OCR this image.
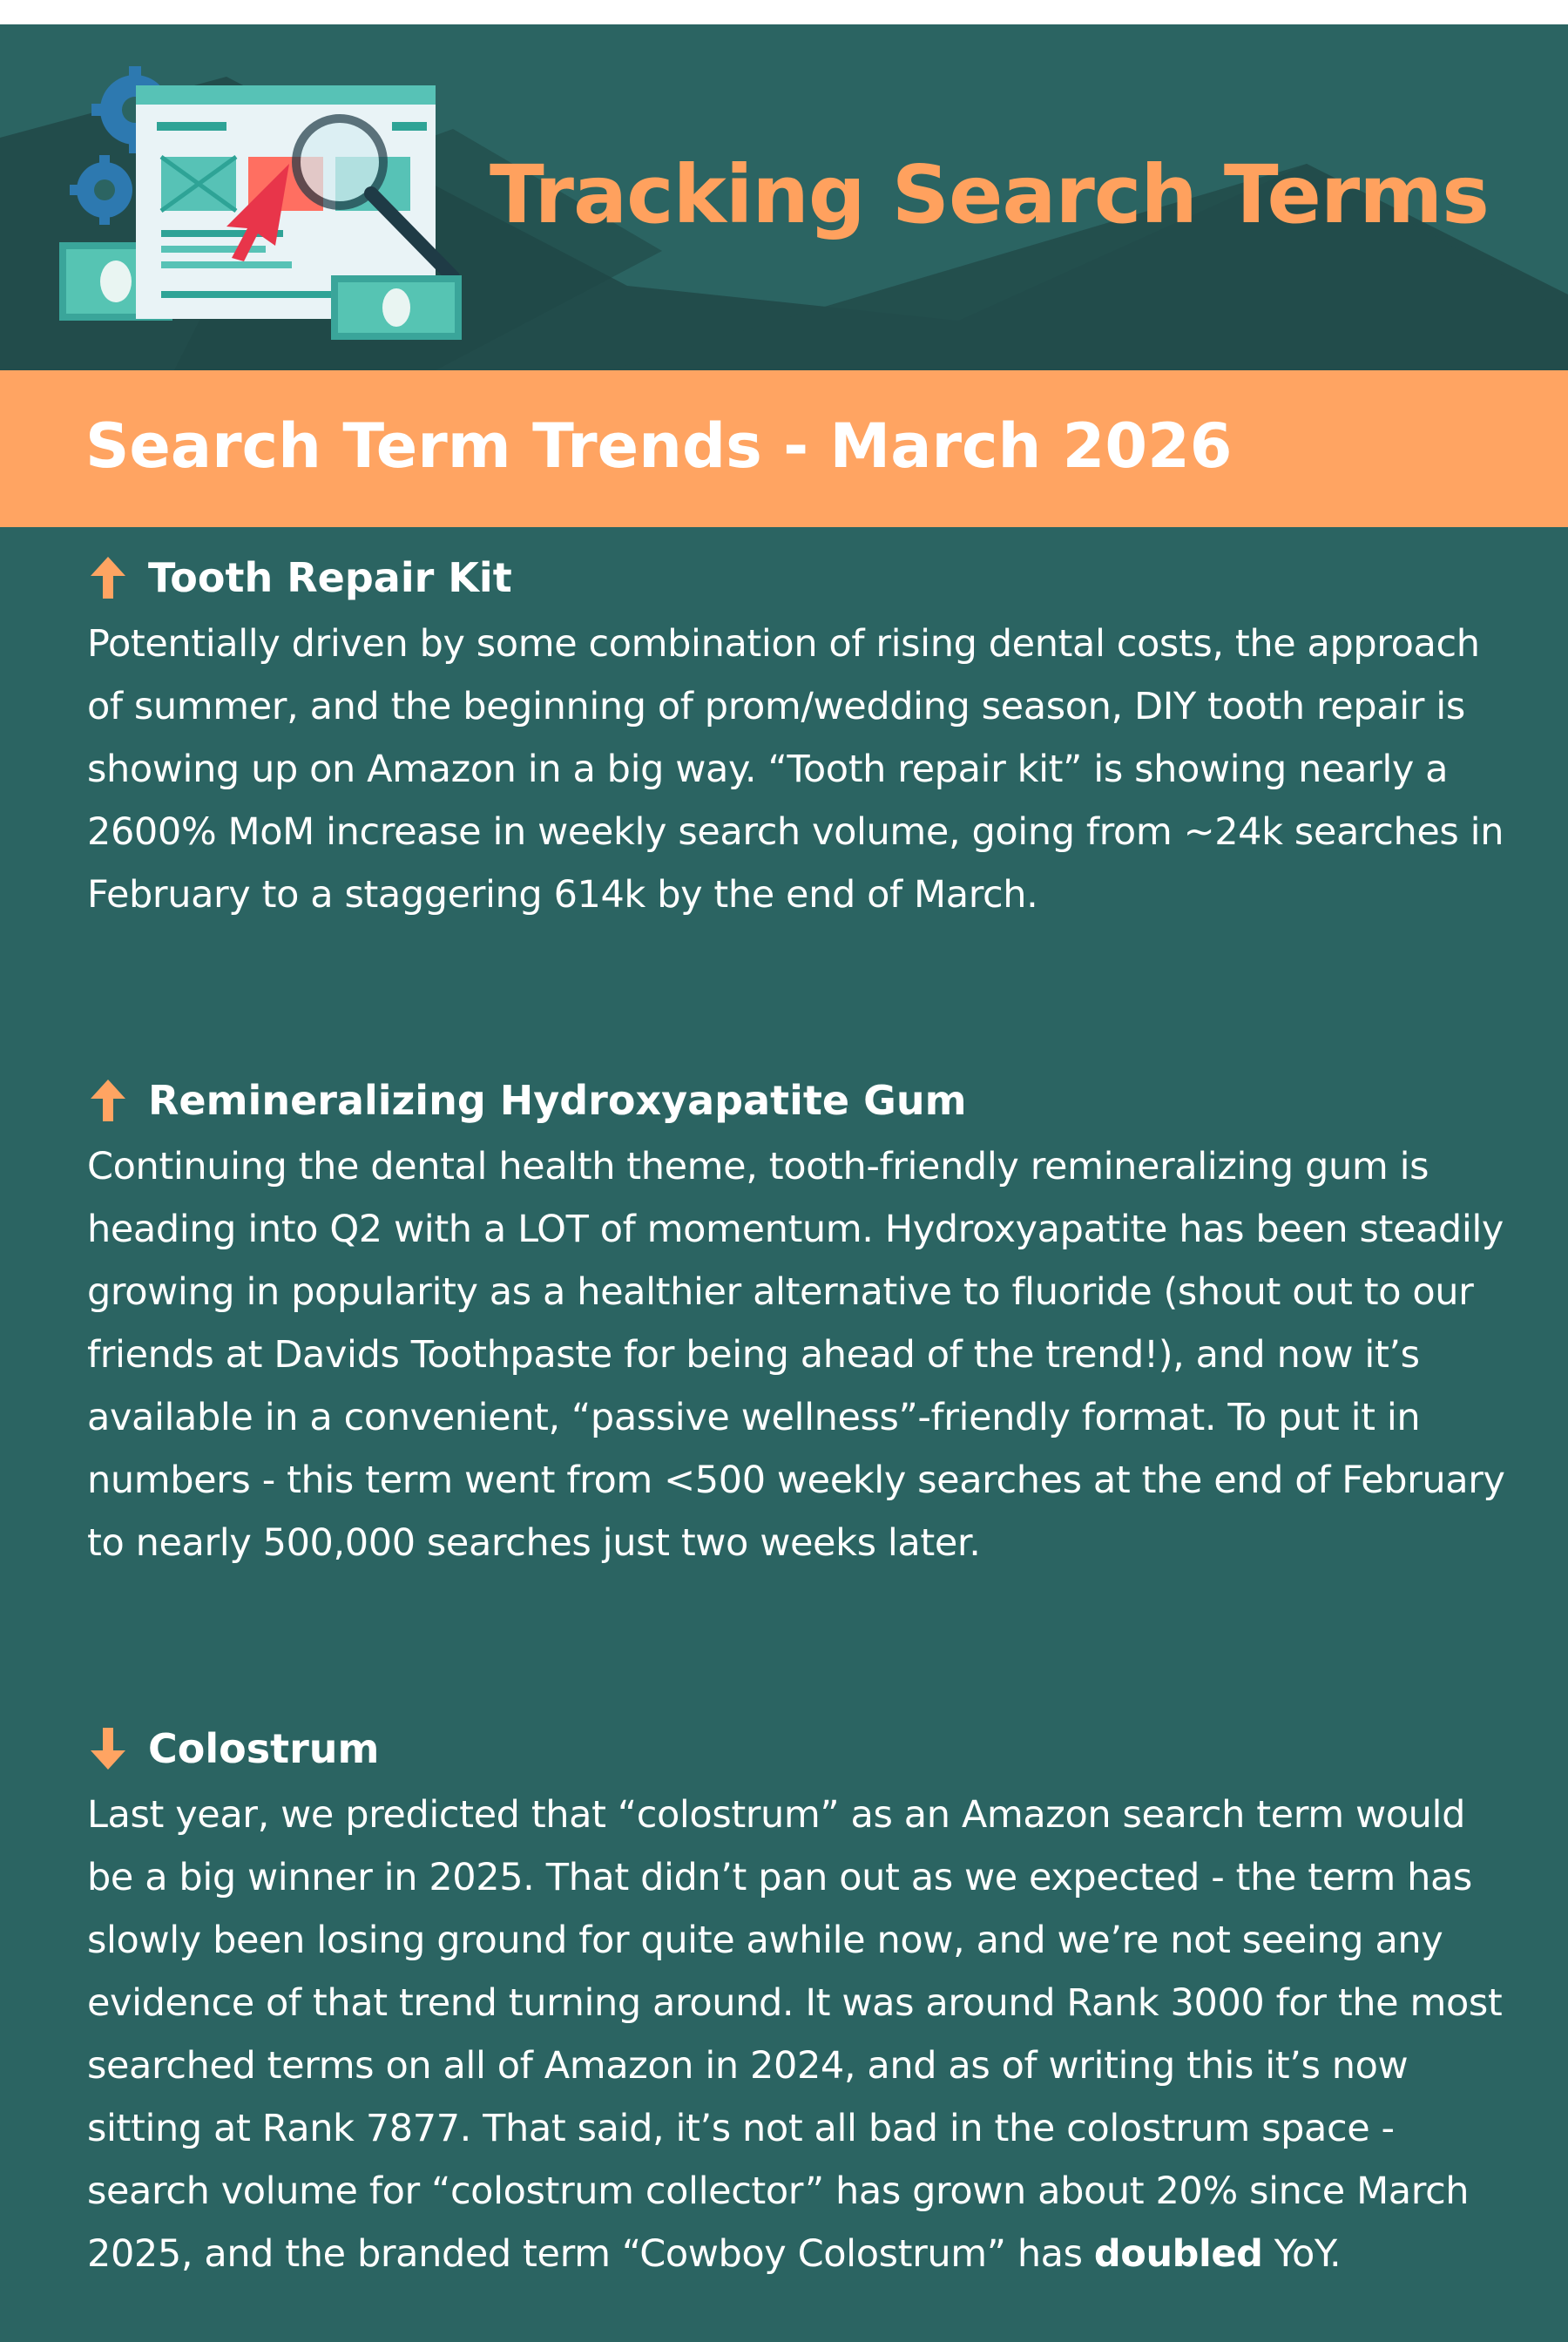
Tracking Search Terms
Search Term Trends - March 2026
Tooth Repair Kit
Potentially driven by some combination of rising dental costs, the approach of summer, and the beginning of prom/wedding season, DIY tooth repair is showing up on Amazon in a big way. “Tooth repair kit” is showing nearly a 2600% MoM increase in weekly search volume, going from ~24k searches in February to a staggering 614k by the end of March.
Remineralizing Hydroxyapatite Gum
Continuing the dental health theme, tooth-friendly remineralizing gum is heading into Q2 with a LOT of momentum. Hydroxyapatite has been steadily growing in popularity as a healthier alternative to fluoride (shout out to our friends at Davids Toothpaste for being ahead of the trend!), and now it’s available in a convenient, “passive wellness”-friendly format. To put it in numbers - this term went from <500 weekly searches at the end of February to nearly 500,000 searches just two weeks later.
Colostrum
Last year, we predicted that “colostrum” as an Amazon search term would be a big winner in 2025. That didn’t pan out as we expected - the term has slowly been losing ground for quite awhile now, and we’re not seeing any evidence of that trend turning around. It was around Rank 3000 for the most searched terms on all of Amazon in 2024, and as of writing this it’s now sitting at Rank 7877. That said, it’s not all bad in the colostrum space - search volume for “colostrum collector” has grown about 20% since March 2025, and the branded term “Cowboy Colostrum” has doubled YoY.
